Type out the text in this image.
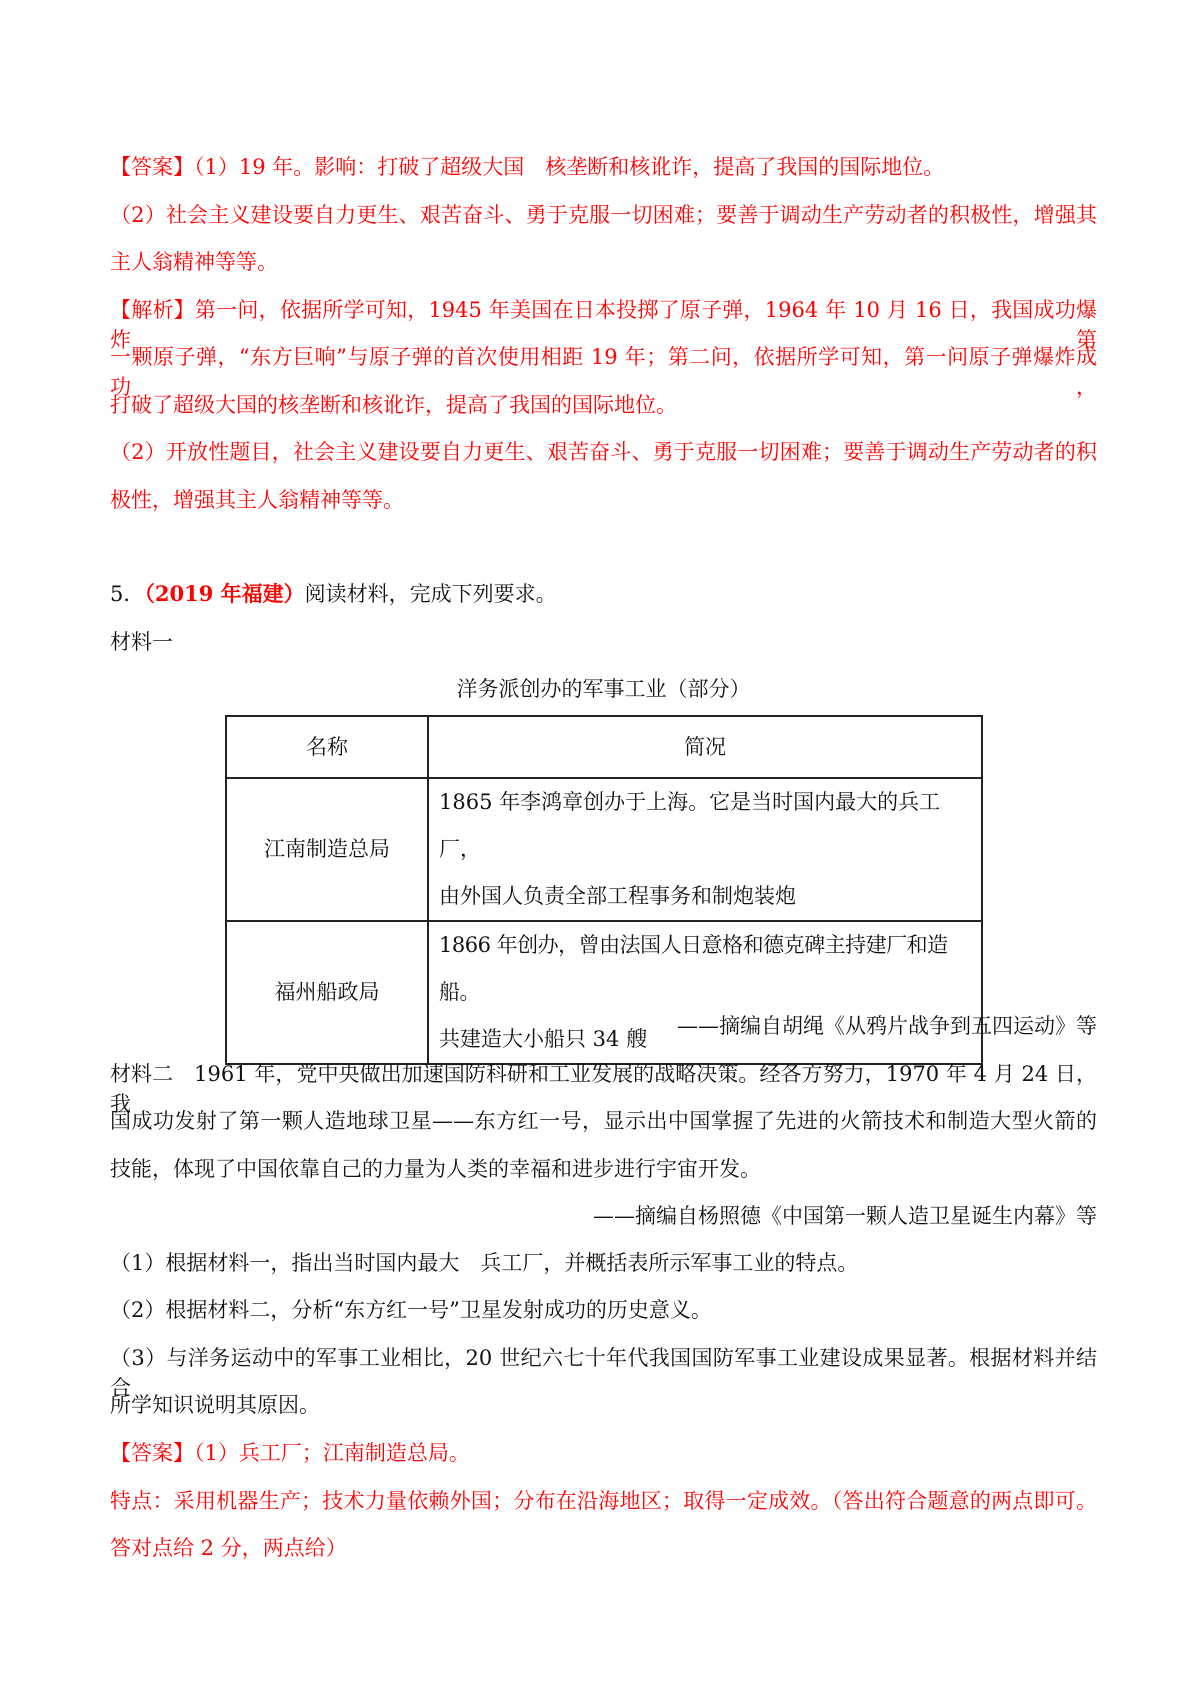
【答案】（1）19 年。影响：打破了超级大国　核垄断和核讹诈，提高了我国的国际地位。
（2）社会主义建设要自力更生、艰苦奋斗、勇于克服一切困难；要善于调动生产劳动者的积极性，增强其
主人翁精神等等。
【解析】第一问，依据所学可知，1945 年美国在日本投掷了原子弹，1964 年 10 月 16 日，我国成功爆炸第
一颗原子弹，“东方巨响”与原子弹的首次使用相距 19 年；第二问，依据所学可知，第一问原子弹爆炸成功，
打破了超级大国的核垄断和核讹诈，提高了我国的国际地位。
（2）开放性题目，社会主义建设要自力更生、艰苦奋斗、勇于克服一切困难；要善于调动生产劳动者的积
极性，增强其主人翁精神等等。
5．（2019 年福建）阅读材料，完成下列要求。
材料一
洋务派创办的军事工业（部分）
名称	简况
江南制造总局	1865 年李鸿章创办于上海。它是当时国内最大的兵工厂，
由外国人负责全部工程事务和制炮装炮

福州船政局	1866 年创办，曾由法国人日意格和德克碑主持建厂和造船。
共建造大小船只 34 艘
——摘编自胡绳《从鸦片战争到五四运动》等
材料二　1961 年，党中央做出加速国防科研和工业发展的战略决策。经各方努力，1970 年 4 月 24 日，我
国成功发射了第一颗人造地球卫星——东方红一号，显示出中国掌握了先进的火箭技术和制造大型火箭的
技能，体现了中国依靠自己的力量为人类的幸福和进步进行宇宙开发。
——摘编自杨照德《中国第一颗人造卫星诞生内幕》等
（1）根据材料一，指出当时国内最大　兵工厂，并概括表所示军事工业的特点。
（2）根据材料二，分析“东方红一号”卫星发射成功的历史意义。
（3）与洋务运动中的军事工业相比，20 世纪六七十年代我国国防军事工业建设成果显著。根据材料并结合
所学知识说明其原因。
【答案】（1）兵工厂；江南制造总局。
特点：采用机器生产；技术力量依赖外国；分布在沿海地区；取得一定成效。（答出符合题意的两点即可。
答对点给 2 分，两点给）
